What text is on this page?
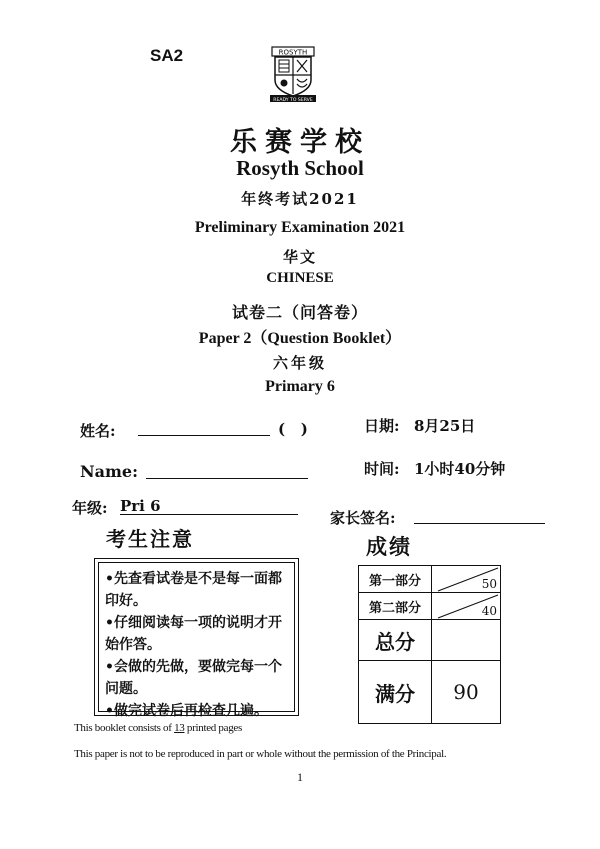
SA2	ROSYTH
READY TO SERVE
乐赛学校
Rosyth School
年终考试2021
Preliminary Examination 2021
华文
CHINESE
试卷二（问答卷）
Paper 2（Question Booklet）
六年级
Primary 6
姓名:	(   )	日期: 8月25日
Name:	时间: 1小时40分钟
年级: Pri 6
家长签名:
考生注意
•先查看试卷是不是每一面都印好。
•仔细阅读每一项的说明才开始作答。
•会做的先做，要做完每一个问题。
•做完试卷后再检查几遍。
成绩
第一部分	50

第二部分	40

总分	
满分	90
This booklet consists of 13 printed pages
This paper is not to be reproduced in part or whole without the permission of the Principal.
1
